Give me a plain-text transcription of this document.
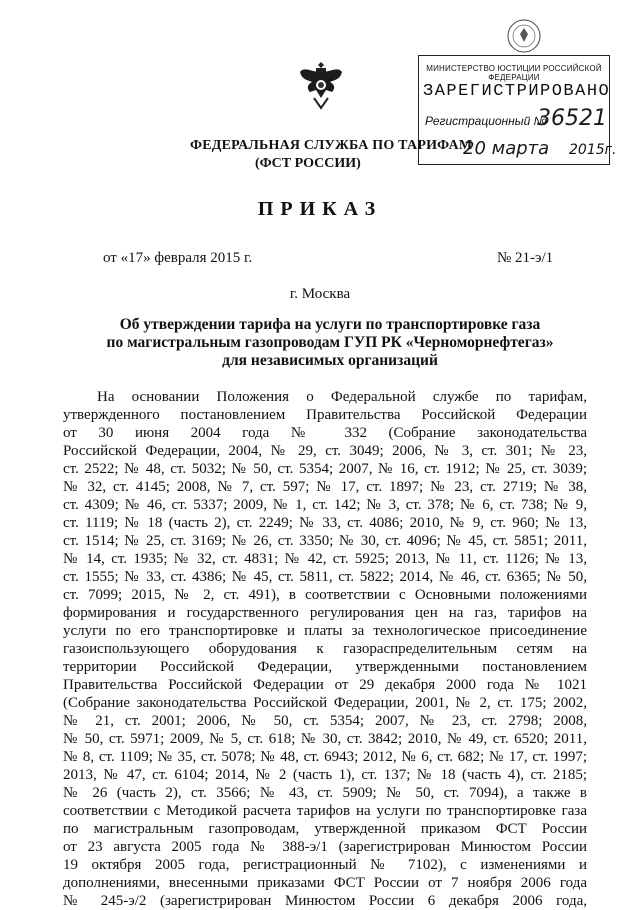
МИНИСТЕРСТВО ЮСТИЦИИ РОССИЙСКОЙ ФЕДЕРАЦИИ
ЗАРЕГИСТРИРОВАНО
Регистрационный №
36521
20 марта 2015г.
ФЕДЕРАЛЬНАЯ СЛУЖБА ПО ТАРИФАМ
(ФСТ РОССИИ)
ПРИКАЗ
от «17» февраля 2015 г.	№ 21-э/1
г. Москва
Об утверждении тарифа на услуги по транспортировке газа
по магистральным газопроводам ГУП РК «Черноморнефтегаз»
для независимых организаций
На основании Положения о Федеральной службе по тарифам,
утвержденного постановлением Правительства Российской Федерации
от 30 июня 2004 года № 332 (Собрание законодательства
Российской Федерации, 2004, № 29, ст. 3049; 2006, № 3, ст. 301; № 23,
ст. 2522; № 48, ст. 5032; № 50, ст. 5354; 2007, № 16, ст. 1912; № 25, ст. 3039;
№ 32, ст. 4145; 2008, № 7, ст. 597; № 17, ст. 1897; № 23, ст. 2719; № 38,
ст. 4309; № 46, ст. 5337; 2009, № 1, ст. 142; № 3, ст. 378; № 6, ст. 738; № 9,
ст. 1119; № 18 (часть 2), ст. 2249; № 33, ст. 4086; 2010, № 9, ст. 960; № 13,
ст. 1514; № 25, ст. 3169; № 26, ст. 3350; № 30, ст. 4096; № 45, ст. 5851; 2011,
№ 14, ст. 1935; № 32, ст. 4831; № 42, ст. 5925; 2013, № 11, ст. 1126; № 13,
ст. 1555; № 33, ст. 4386; № 45, ст. 5811, ст. 5822; 2014, № 46, ст. 6365; № 50,
ст. 7099; 2015, № 2, ст. 491), в соответствии с Основными положениями
формирования и государственного регулирования цен на газ, тарифов на
услуги по его транспортировке и платы за технологическое присоединение
газоиспользующего оборудования к газораспределительным сетям на
территории Российской Федерации, утвержденными постановлением
Правительства Российской Федерации от 29 декабря 2000 года № 1021
(Собрание законодательства Российской Федерации, 2001, № 2, ст. 175; 2002,
№ 21, ст. 2001; 2006, № 50, ст. 5354; 2007, № 23, ст. 2798; 2008,
№ 50, ст. 5971; 2009, № 5, ст. 618; № 30, ст. 3842; 2010, № 49, ст. 6520; 2011,
№ 8, ст. 1109; № 35, ст. 5078; № 48, ст. 6943; 2012, № 6, ст. 682; № 17, ст. 1997;
2013, № 47, ст. 6104; 2014, № 2 (часть 1), ст. 137; № 18 (часть 4), ст. 2185;
№ 26 (часть 2), ст. 3566; № 43, ст. 5909; № 50, ст. 7094), а также в
соответствии с Методикой расчета тарифов на услуги по транспортировке газа
по магистральным газопроводам, утвержденной приказом ФСТ России
от 23 августа 2005 года № 388-э/1 (зарегистрирован Минюстом России
19 октября 2005 года, регистрационный № 7102), с изменениями и
дополнениями, внесенными приказами ФСТ России от 7 ноября 2006 года
№ 245-э/2 (зарегистрирован Минюстом России 6 декабря 2006 года,
